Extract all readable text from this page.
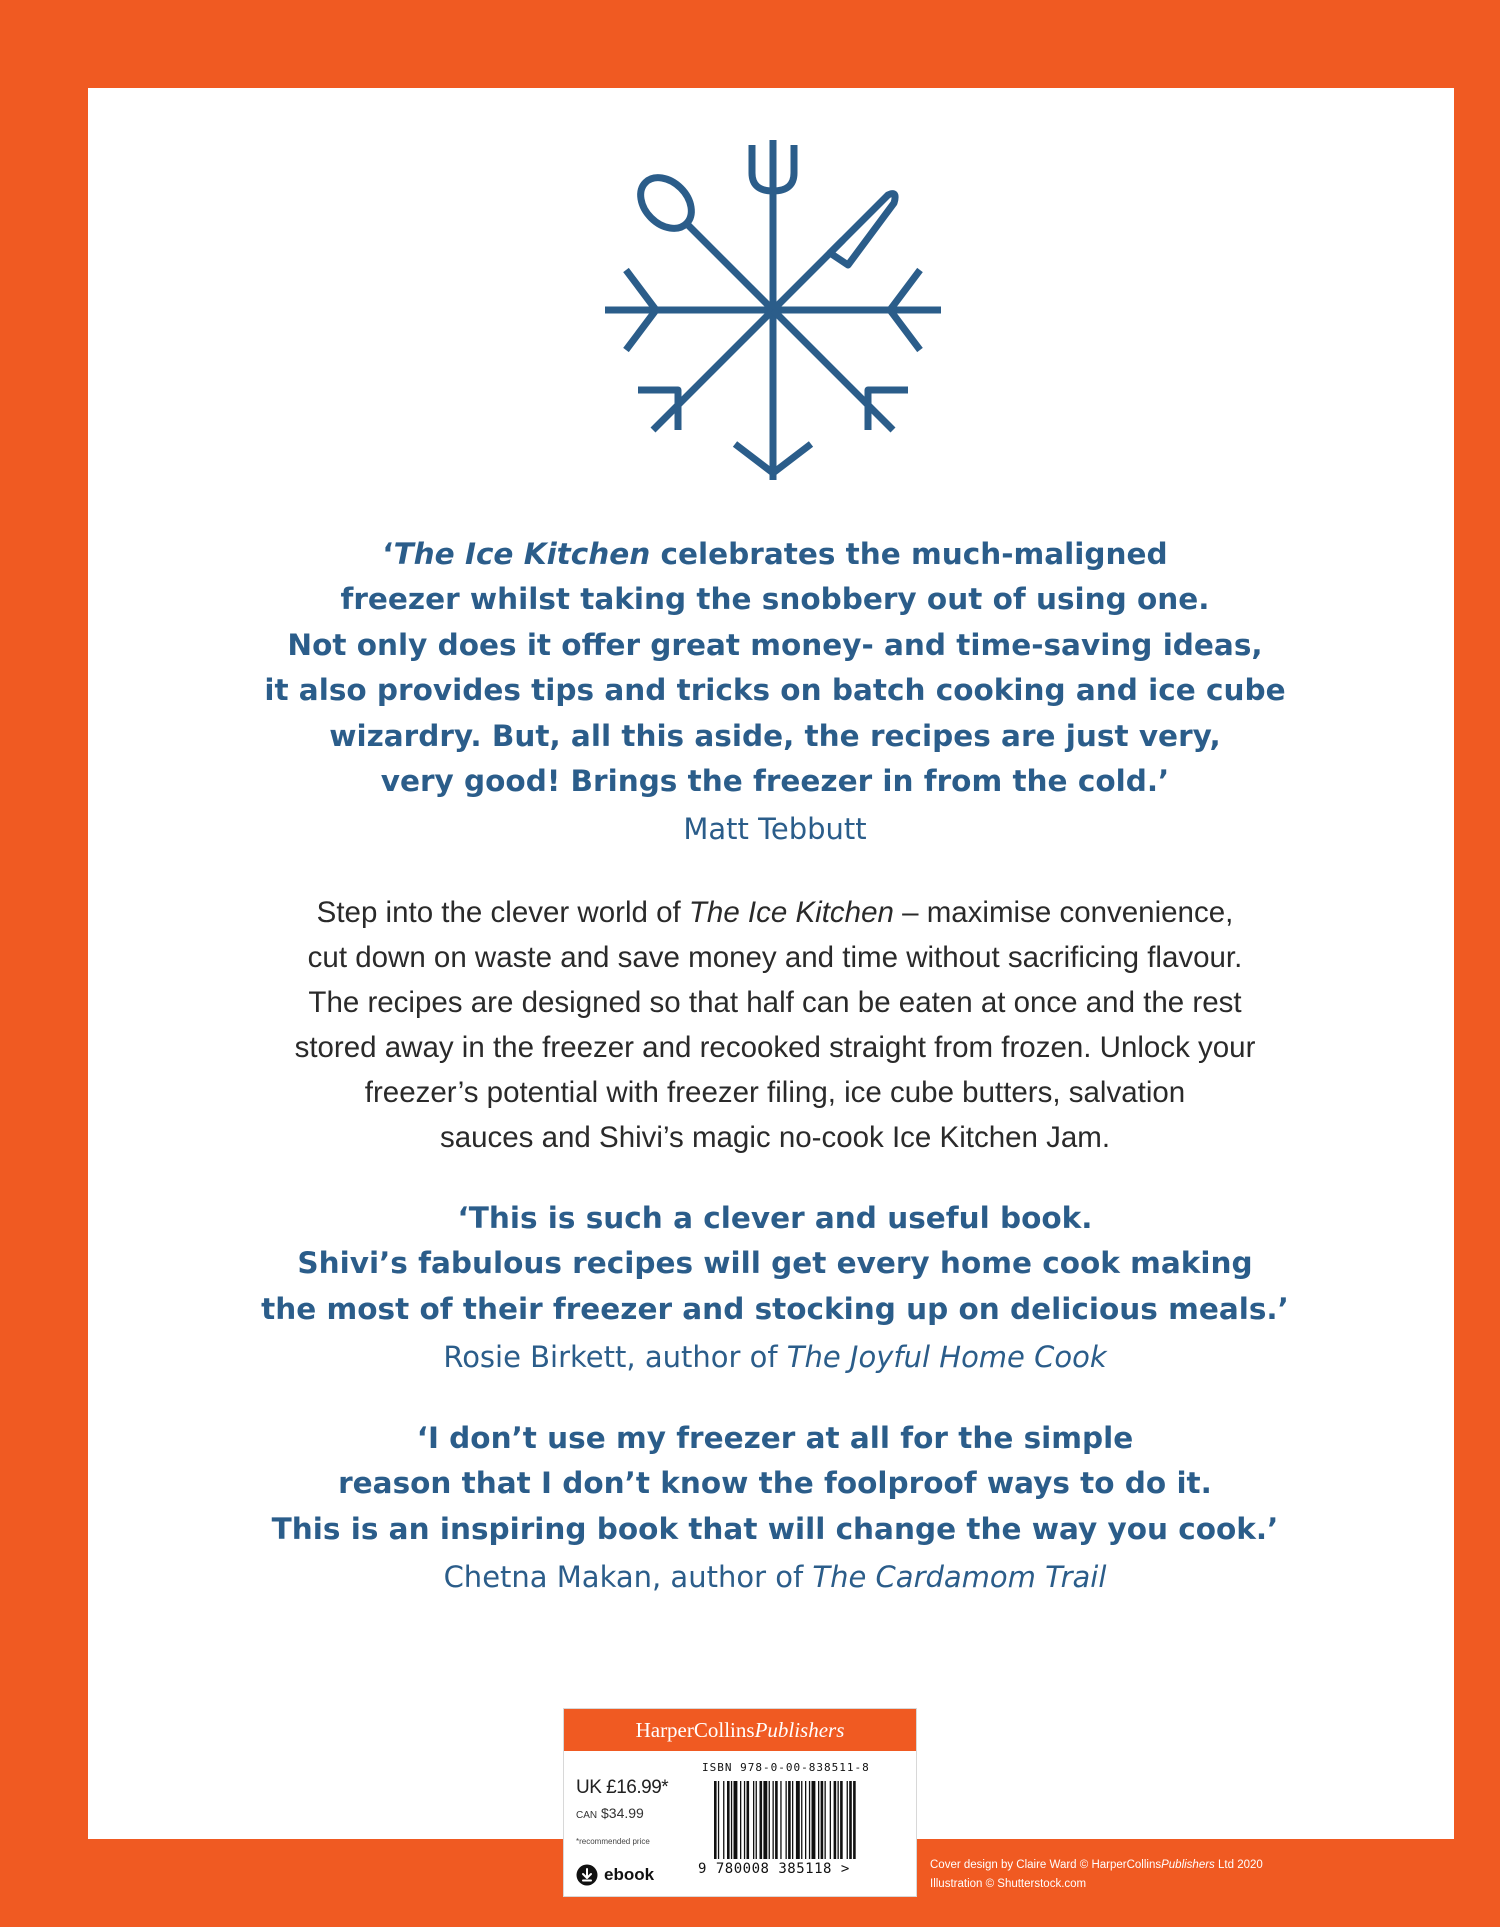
‘The Ice Kitchen celebrates the much-maligned
freezer whilst taking the snobbery out of using one.
Not only does it offer great money- and time-saving ideas,
it also provides tips and tricks on batch cooking and ice cube
wizardry. But, all this aside, the recipes are just very,
very good! Brings the freezer in from the cold.’

Matt Tebbutt
Step into the clever world of The Ice Kitchen – maximise convenience,
cut down on waste and save money and time without sacrificing flavour.
The recipes are designed so that half can be eaten at once and the rest
stored away in the freezer and recooked straight from frozen. Unlock your
freezer’s potential with freezer filing, ice cube butters, salvation
sauces and Shivi’s magic no-cook Ice Kitchen Jam.

‘This is such a clever and useful book.
Shivi’s fabulous recipes will get every home cook making
the most of their freezer and stocking up on delicious meals.’

Rosie Birkett, author of The Joyful Home Cook

‘I don’t use my freezer at all for the simple
reason that I don’t know the foolproof ways to do it.
This is an inspiring book that will change the way you cook.’

Chetna Makan, author of The Cardamom Trail
HarperCollinsPublishers
UK £16.99*
CAN $34.99
*recommended price
ebook
ISBN 978-0-00-838511-8
9 780008 385118 >	Cover design by Claire Ward © HarperCollinsPublishers Ltd 2020
Illustration © Shutterstock.com
